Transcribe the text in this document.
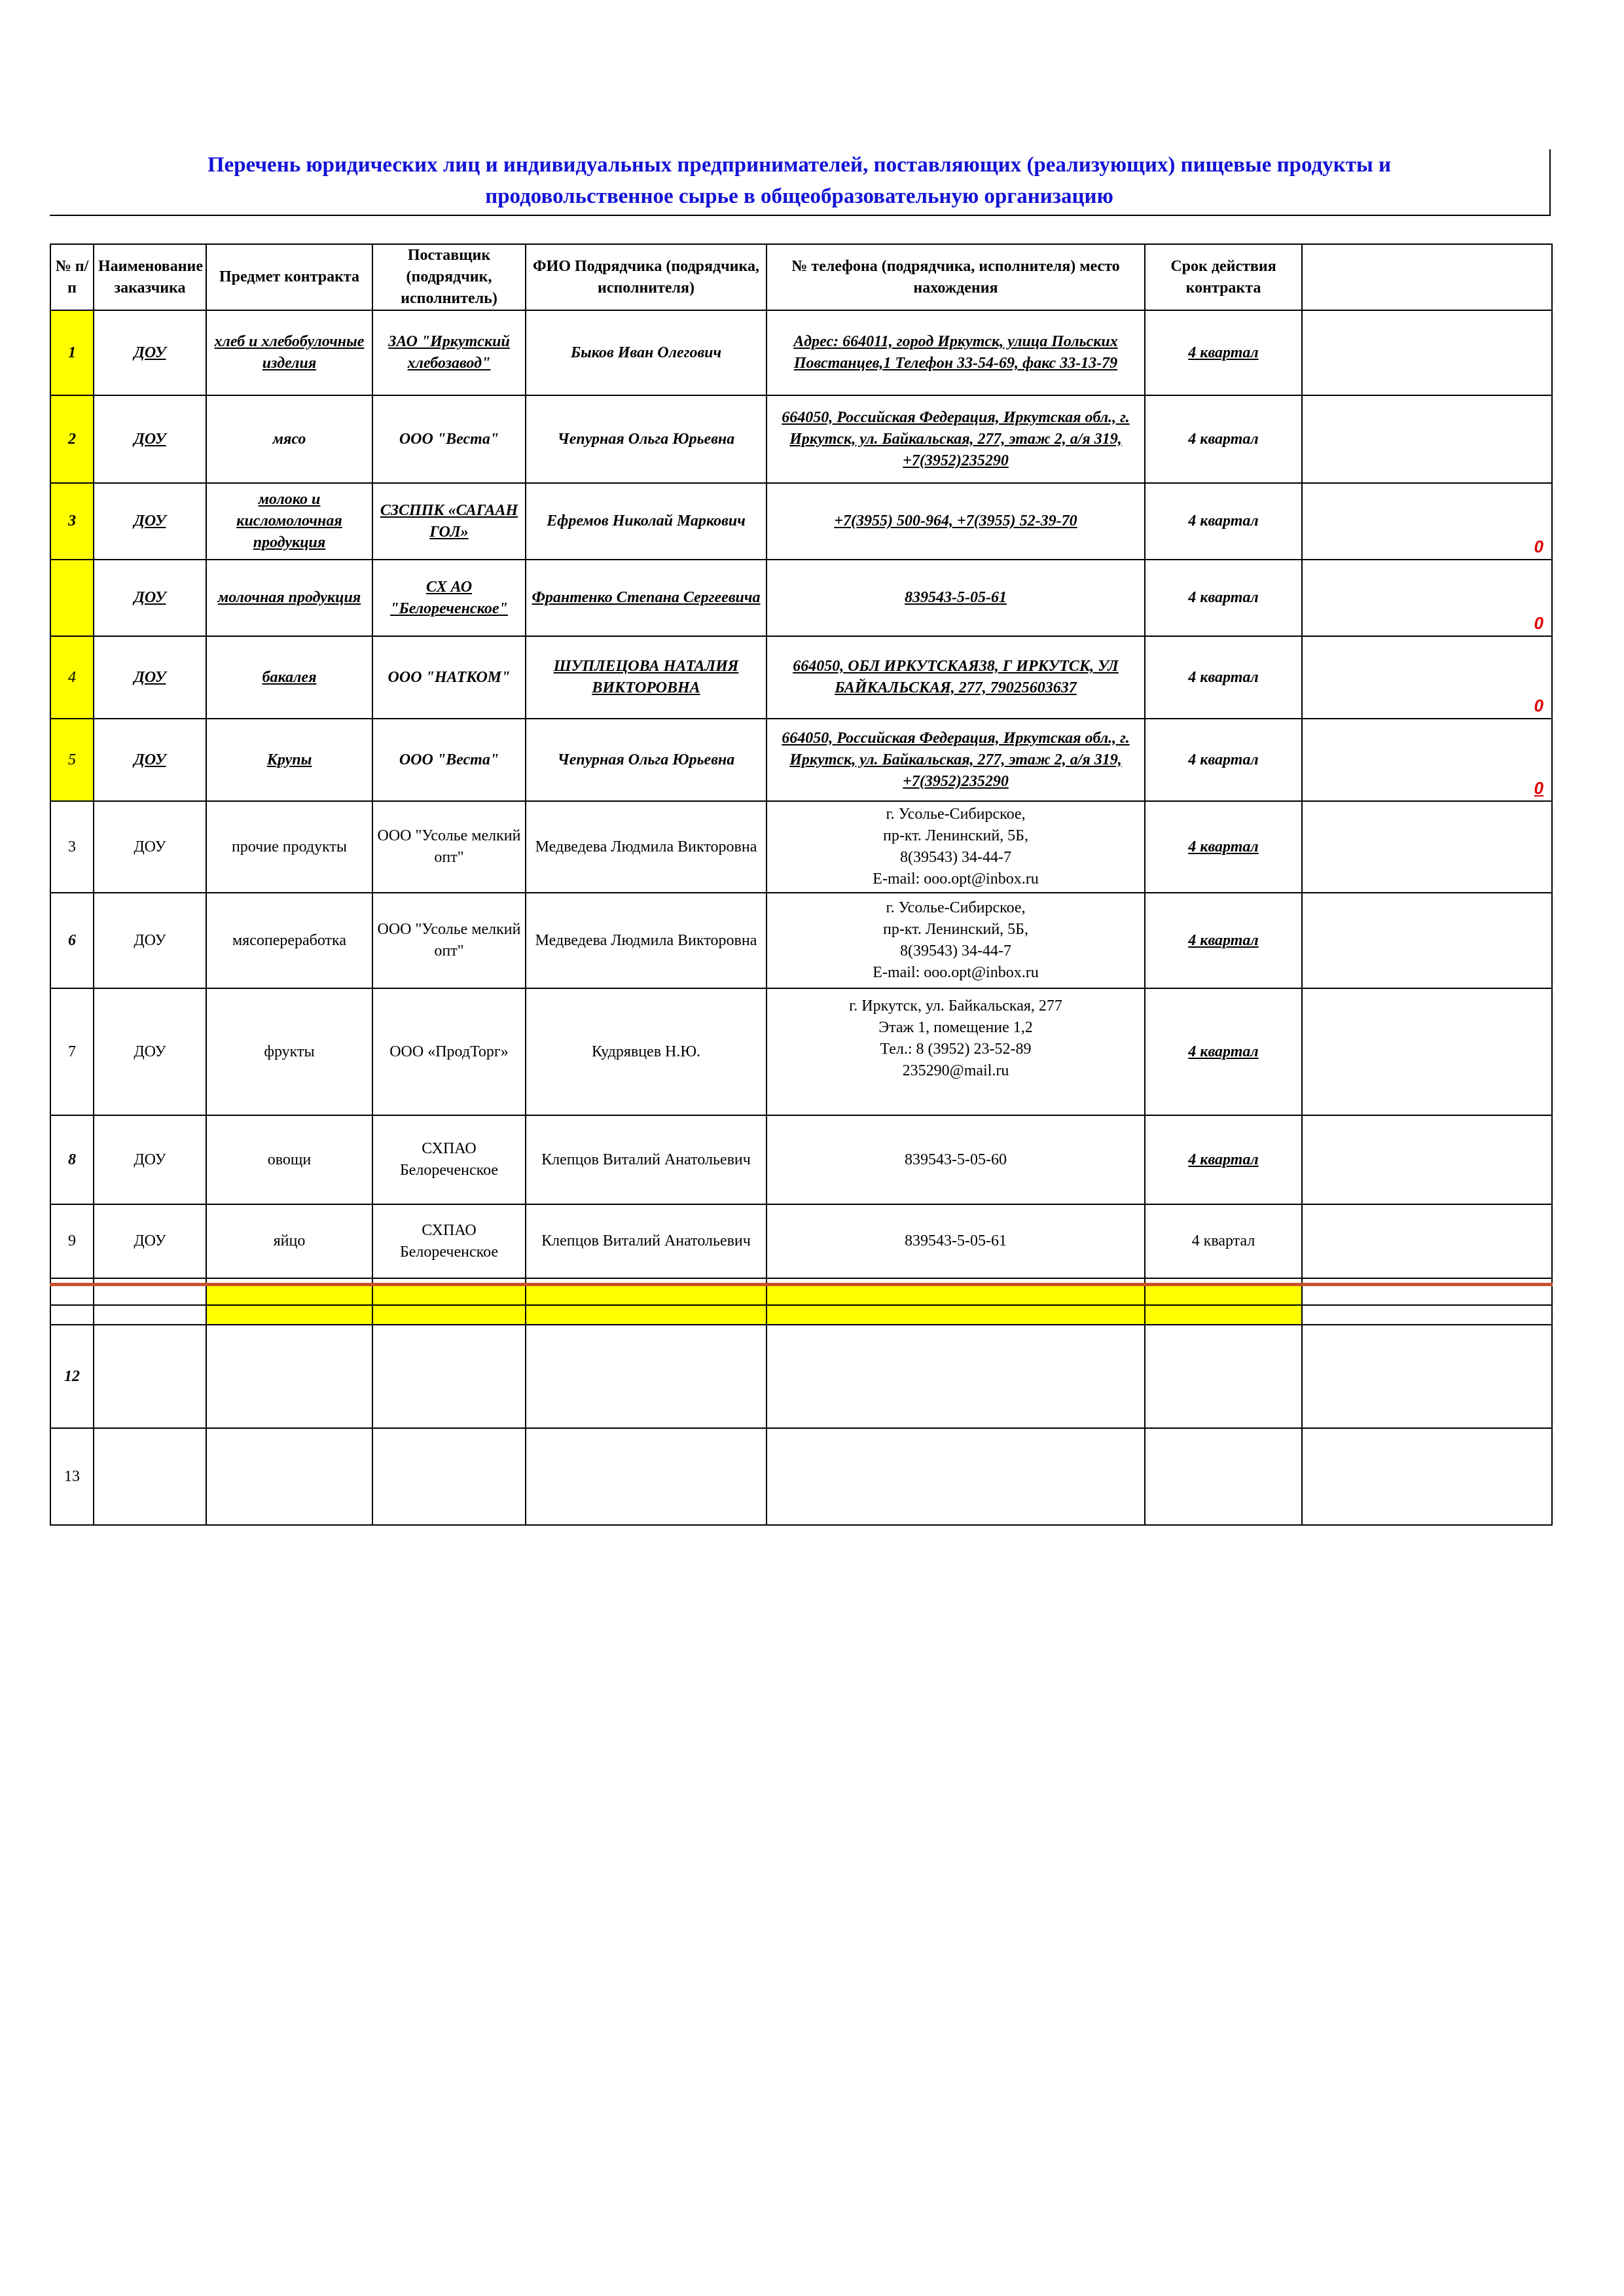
Перечень юридических лиц и индивидуальных предпринимателей, поставляющих (реализующих) пищевые продукты и
продовольственное сырье в общеобразовательную организацию
№ п/п	Наименование заказчика	Предмет контракта	Поставщик (подрядчик, исполнитель)	ФИО Подрядчика (подрядчика, исполнителя)	№ телефона (подрядчика, исполнителя) место нахождения	Срок действия контракта	
1	ДОУ	хлеб и хлебобулочные изделия	ЗАО "Иркутский хлебозавод"	Быков Иван Олегович	Адрес: 664011, город Иркутск, улица Польских Повстанцев,1 Телефон 33-54-69, факс 33-13-79	4 квартал	

2	ДОУ	мясо	ООО "Веста"	Чепурная Ольга Юрьевна	664050, Российская Федерация, Иркутская обл., г. Иркутск, ул. Байкальская, 277, этаж 2, а/я 319, +7(3952)235290	4 квартал	

3	ДОУ	молоко и кисломолочная продукция	СЗСППК «САГААН ГОЛ»	Ефремов Николай Маркович	+7(3955) 500-964, +7(3955) 52-39-70	4 квартал	0

	ДОУ	молочная продукция	СХ АО "Белореченское"	Франтенко Степана Сергеевича	839543-5-05-61	4 квартал	0

4	ДОУ	бакалея	ООО "НАТКОМ"	ШУПЛЕЦОВА НАТАЛИЯ ВИКТОРОВНА	664050, ОБЛ ИРКУТСКАЯ38, Г ИРКУТСК, УЛ БАЙКАЛЬСКАЯ, 277, 79025603637	4 квартал	0

5	ДОУ	Крупы	ООО "Веста"	Чепурная Ольга Юрьевна	664050, Российская Федерация, Иркутская обл., г. Иркутск, ул. Байкальская, 277, этаж 2, а/я 319, +7(3952)235290	4 квартал	0

3	ДОУ	прочие продукты	ООО "Усолье мелкий опт"	Медведева Людмила Викторовна	г. Усолье-Сибирское,
пр-кт. Ленинский, 5Б,
8(39543) 34-44-7
E-mail: ooo.opt@inbox.ru	4 квартал	
6	ДОУ	мясопереработка	ООО "Усолье мелкий опт"	Медведева Людмила Викторовна	г. Усолье-Сибирское,
пр-кт. Ленинский, 5Б,
8(39543) 34-44-7
E-mail: ooo.opt@inbox.ru	4 квартал	
7	ДОУ	фрукты	ООО «ПродТорг»	Кудрявцев Н.Ю.	г. Иркутск, ул. Байкальская, 277
Этаж 1, помещение 1,2
Тел.: 8 (3952) 23-52-89
235290@mail.ru	4 квартал	
8	ДОУ	овощи	СХПАО Белореченское	Клепцов Виталий Анатольевич	839543-5-05-60	4 квартал	
9	ДОУ	яйцо	СХПАО Белореченское	Клепцов Виталий Анатольевич	839543-5-05-61	4 квартал	

12							
13							
